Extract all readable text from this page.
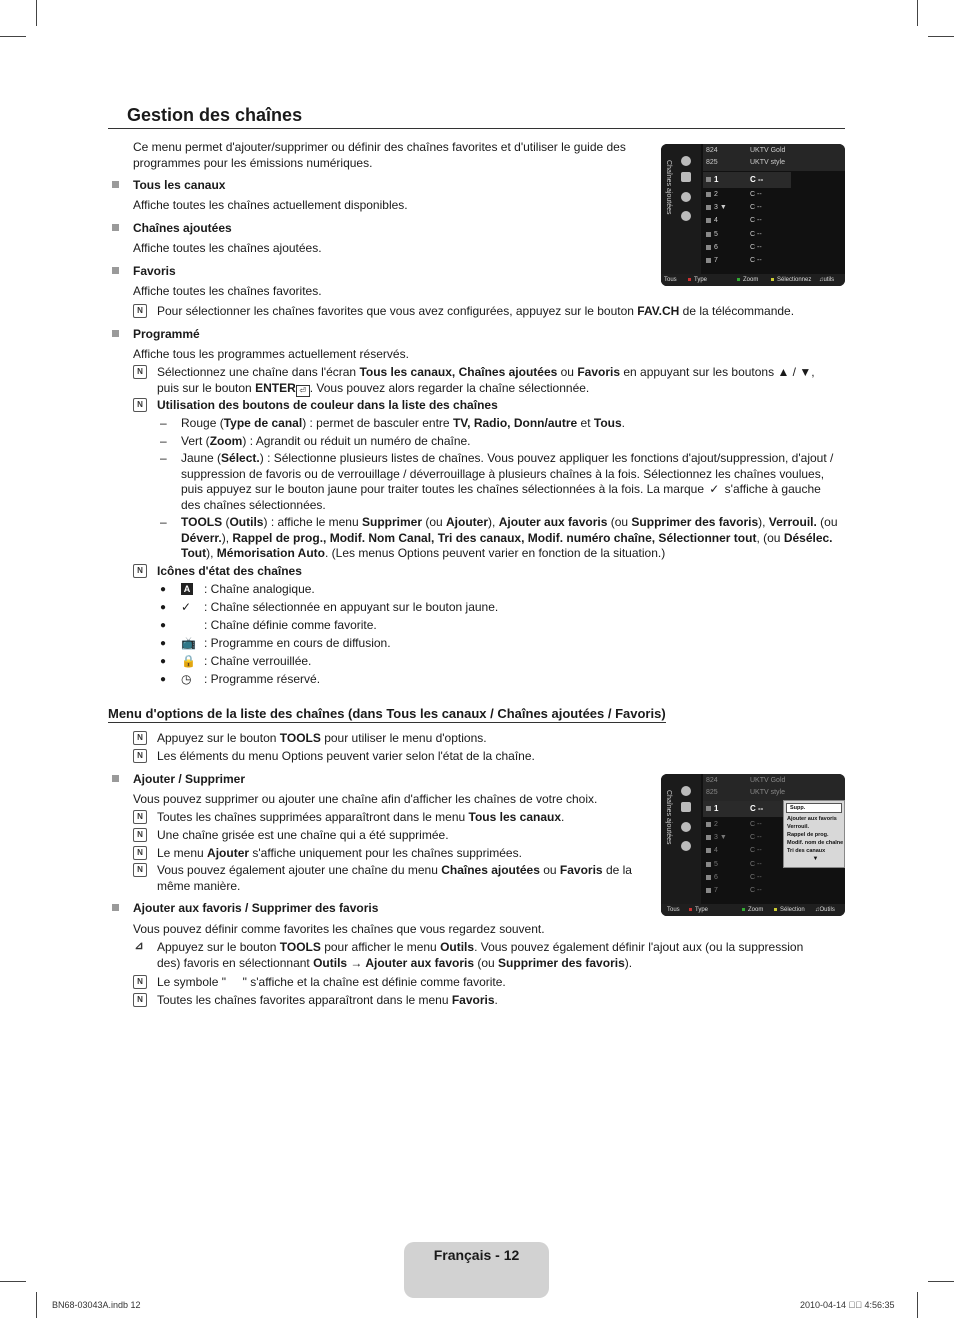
Gestion des chaînes
Ce menu permet d'ajouter/supprimer ou définir des chaînes favorites et d'utiliser le guide des programmes pour les émissions numériques.
Tous les canaux
Affiche toutes les chaînes actuellement disponibles.
Chaînes ajoutées
Affiche toutes les chaînes ajoutées.
Favoris
Affiche toutes les chaînes favorites.
N	Pour sélectionner les chaînes favorites que vous avez configurées, appuyez sur le bouton FAV.CH de la télécommande.
Programmé
Affiche tous les programmes actuellement réservés.
N	Sélectionnez une chaîne dans l'écran Tous les canaux, Chaînes ajoutées ou Favoris en appuyant sur les boutons ▲ / ▼,
puis sur le bouton ENTER ⏎ . Vous pouvez alors regarder la chaîne sélectionnée.
N	Utilisation des boutons de couleur dans la liste des chaînes
– Rouge (Type de canal) : permet de basculer entre TV, Radio, Donn/autre et Tous.
– Vert (Zoom) : Agrandit ou réduit un numéro de chaîne.
– Jaune (Sélect.) : Sélectionne plusieurs listes de chaînes. Vous pouvez appliquer les fonctions d'ajout/suppression, d'ajout / suppression de favoris ou de verrouillage / déverrouillage à plusieurs chaînes à la fois. Sélectionnez les chaînes voulues, puis appuyez sur le bouton jaune pour traiter toutes les chaînes sélectionnées à la fois. La marque ✓ s'affiche à gauche des chaînes sélectionnées.
– TOOLS (Outils) : affiche le menu Supprimer (ou Ajouter), Ajouter aux favoris (ou Supprimer des favoris), Verrouil. (ou Déverr.), Rappel de prog., Modif. Nom Canal, Tri des canaux, Modif. numéro chaîne, Sélectionner tout, (ou Désélec. Tout), Mémorisation Auto. (Les menus Options peuvent varier en fonction de la situation.)
N	Icônes d'état des chaînes
●	A : Chaîne analogique.
● ✓ : Chaîne sélectionnée en appuyant sur le bouton jaune.
●	: Chaîne définie comme favorite.
● 📺 : Programme en cours de diffusion.
● 🔒 : Chaîne verrouillée.
● ◷ : Programme réservé.
Chaînes ajoutées
824	UKTV Gold
825	UKTV style
1	C --
2	C --
3 ▼	C --
4	C --
5	C --
6	C --
7	C --
Tous	Type	Zoom	Sélectionnez ♫ utils
Menu d'options de la liste des chaînes (dans Tous les canaux / Chaînes ajoutées / Favoris)
N	Appuyez sur le bouton TOOLS pour utiliser le menu d'options.
N	Les éléments du menu Options peuvent varier selon l'état de la chaîne.
Ajouter / Supprimer
Vous pouvez supprimer ou ajouter une chaîne afin d'afficher les chaînes de votre choix.
N	Toutes les chaînes supprimées apparaîtront dans le menu Tous les canaux.
N	Une chaîne grisée est une chaîne qui a été supprimée.
N	Le menu Ajouter s'affiche uniquement pour les chaînes supprimées.
N	Vous pouvez également ajouter une chaîne du menu Chaînes ajoutées ou Favoris de la
même manière.
Ajouter aux favoris / Supprimer des favoris
Vous pouvez définir comme favorites les chaînes que vous regardez souvent.
⊿ Appuyez sur le bouton TOOLS pour afficher le menu Outils. Vous pouvez également définir l'ajout aux (ou la suppression
des) favoris en sélectionnant Outils → Ajouter aux favoris (ou Supprimer des favoris).
N	Le symbole "     " s'affiche et la chaîne est définie comme favorite.
N	Toutes les chaînes favorites apparaîtront dans le menu Favoris.
Chaînes ajoutées
824	UKTV Gold
825	UKTV style
1	C --
2	C --
3 ▼	C --
4	C --
5	C --
6	C --
7	C --
Supp.
Ajouter aux favoris
Verrouil.
Rappel de prog.
Modif. nom de chaîne
Tri des canaux
▼
Tous	Type	Zoom	Sélection ♫ Outils
Français - 12
BN68-03043A.indb 12	2010-04-14 ￿￿ 4:56:35
